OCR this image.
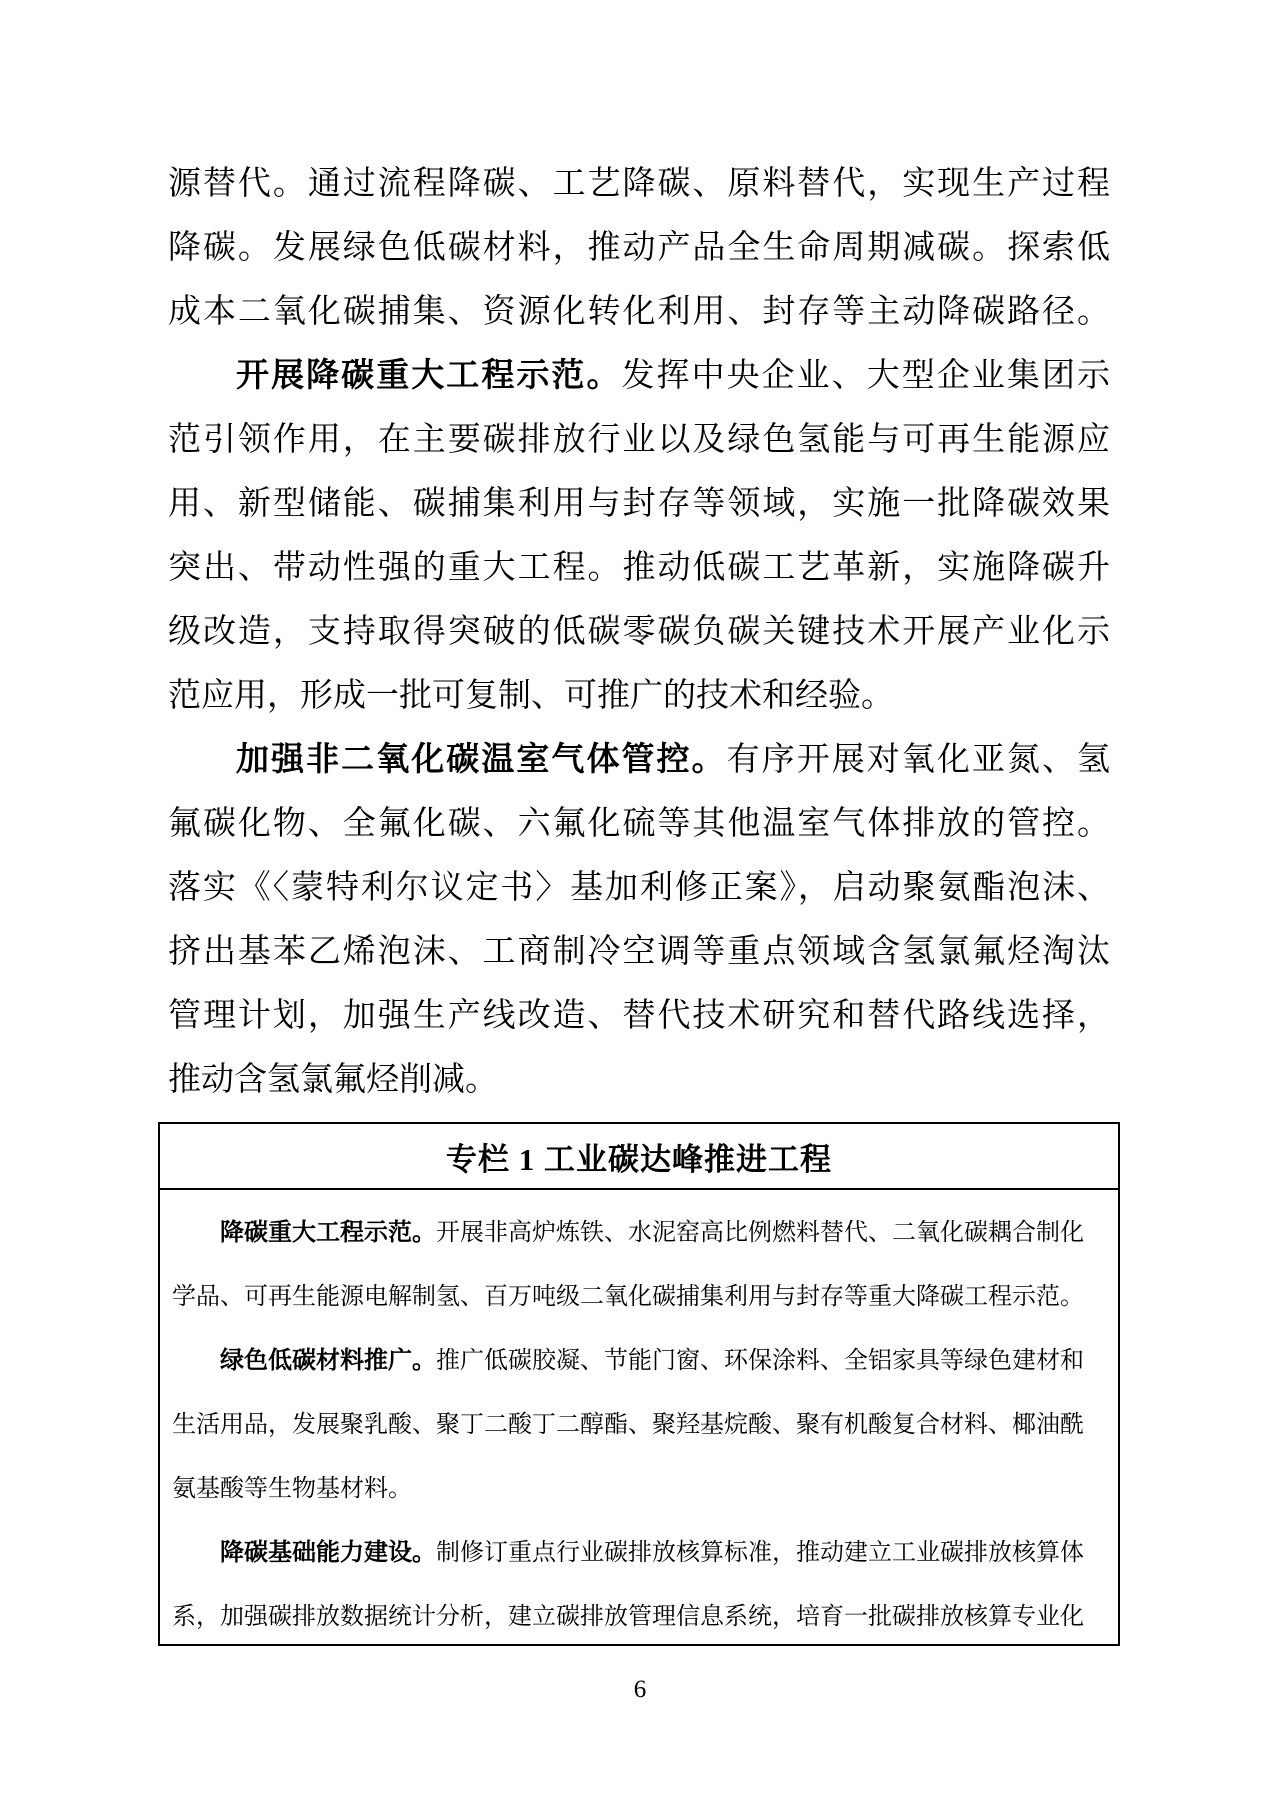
源替代。通过流程降碳、工艺降碳、原料替代，实现生产过程
降碳。发展绿色低碳材料，推动产品全生命周期减碳。探索低
成本二氧化碳捕集、资源化转化利用、封存等主动降碳路径。
开展降碳重大工程示范。发挥中央企业、大型企业集团示
范引领作用，在主要碳排放行业以及绿色氢能与可再生能源应
用、新型储能、碳捕集利用与封存等领域，实施一批降碳效果
突出、带动性强的重大工程。推动低碳工艺革新，实施降碳升
级改造，支持取得突破的低碳零碳负碳关键技术开展产业化示
范应用，形成一批可复制、可推广的技术和经验。
加强非二氧化碳温室气体管控。有序开展对氧化亚氮、氢
氟碳化物、全氟化碳、六氟化硫等其他温室气体排放的管控。
落实《〈蒙特利尔议定书〉基加利修正案》，启动聚氨酯泡沫、
挤出基苯乙烯泡沫、工商制冷空调等重点领域含氢氯氟烃淘汰
管理计划，加强生产线改造、替代技术研究和替代路线选择，
推动含氢氯氟烃削减。
专栏 1 工业碳达峰推进工程
降碳重大工程示范。开展非高炉炼铁、水泥窑高比例燃料替代、二氧化碳耦合制化
学品、可再生能源电解制氢、百万吨级二氧化碳捕集利用与封存等重大降碳工程示范。
绿色低碳材料推广。推广低碳胶凝、节能门窗、环保涂料、全铝家具等绿色建材和
生活用品，发展聚乳酸、聚丁二酸丁二醇酯、聚羟基烷酸、聚有机酸复合材料、椰油酰
氨基酸等生物基材料。
降碳基础能力建设。制修订重点行业碳排放核算标准，推动建立工业碳排放核算体
系，加强碳排放数据统计分析，建立碳排放管理信息系统，培育一批碳排放核算专业化
6
